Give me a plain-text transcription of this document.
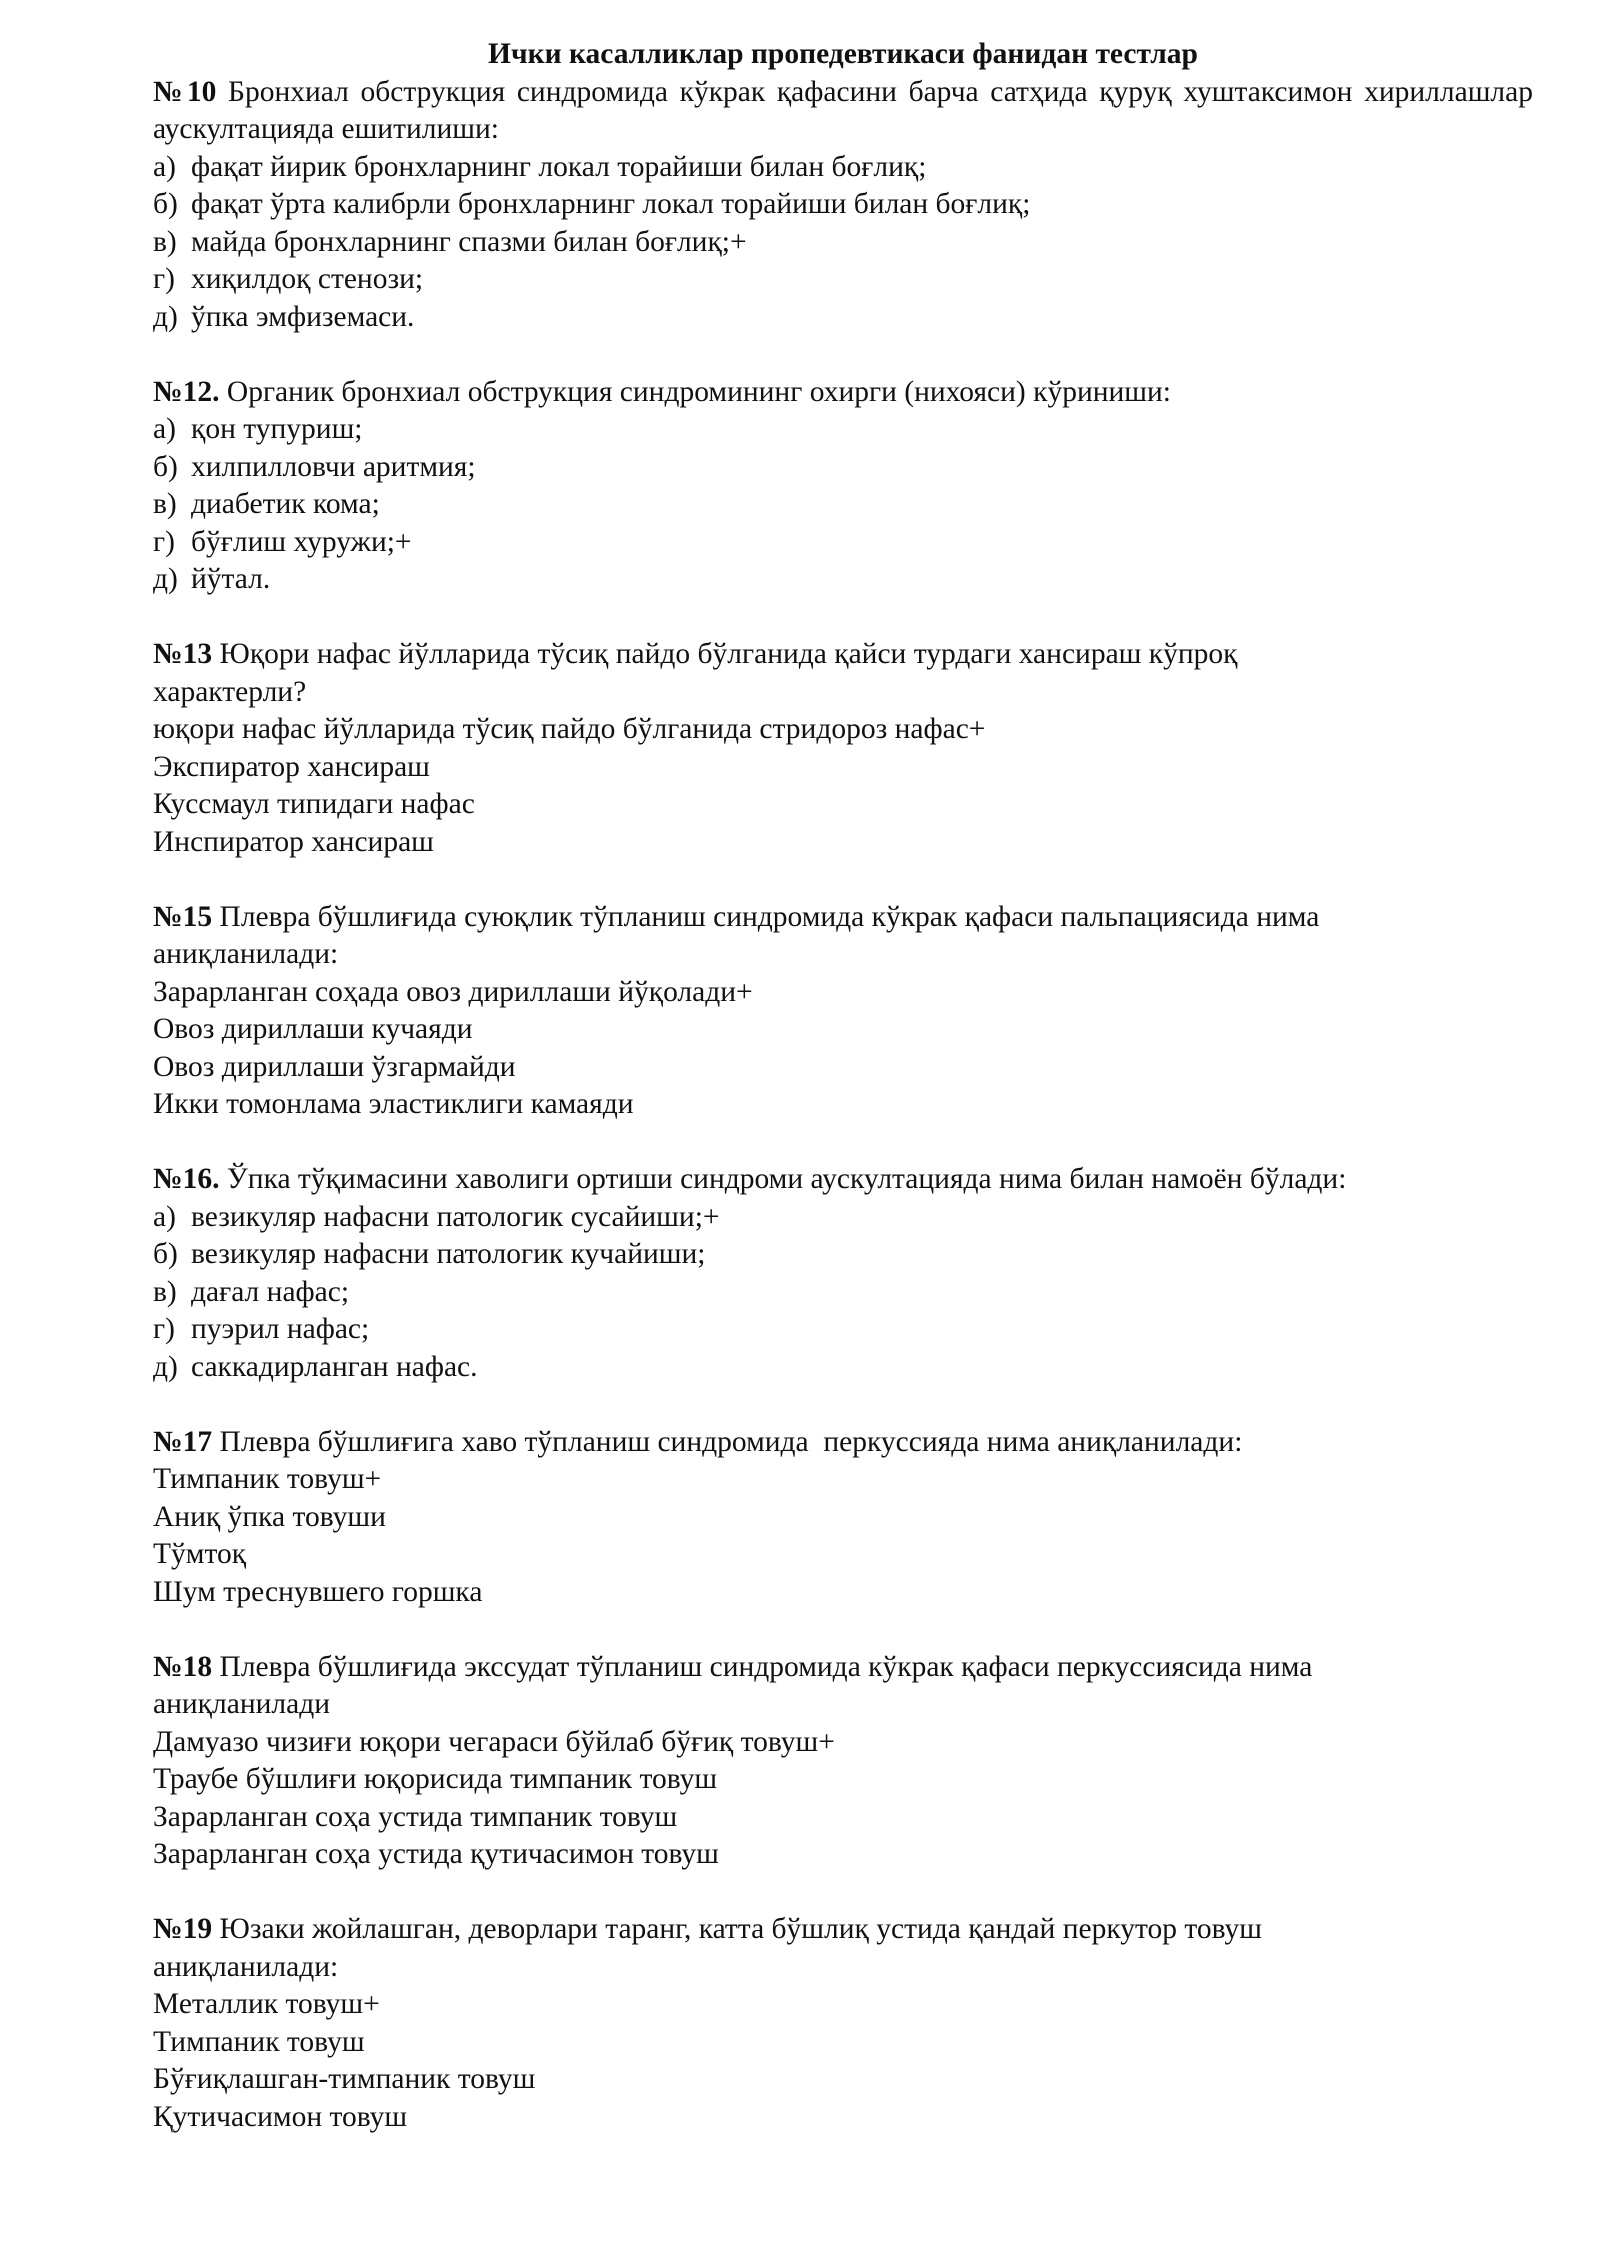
Ички касалликлар пропедевтикаси фанидан тестлар
№10 Бронхиал обструкция синдромида кўкрак қафасини барча сатҳида қуруқ хуштаксимон хириллашлар аускултацияда ешитилиши:
а) фақат йирик бронхларнинг локал торайиши билан боғлиқ;
б) фақат ўрта калибрли бронхларнинг локал торайиши билан боғлиқ;
в) майда бронхларнинг спазми билан боғлиқ;+
г) хиқилдоқ стенози;
д) ўпка эмфиземаси.
№12. Органик бронхиал обструкция синдромининг охирги (нихояси) кўриниши:
а) қон тупуриш;
б) хилпилловчи аритмия;
в) диабетик кома;
г) бўғлиш хуружи;+
д) йўтал.
№13 Юқори нафас йўлларида тўсиқ пайдо бўлганида қайси турдаги хансираш кўпроқ характерли?
юқори нафас йўлларида тўсиқ пайдо бўлганида стридороз нафас+
Экспиратор хансираш
Куссмаул типидаги нафас
Инспиратор хансираш
№15 Плевра бўшлиғида суюқлик тўпланиш синдромида кўкрак қафаси пальпациясида нима аниқланилади:
Зарарланган соҳада овоз дириллаши йўқолади+
Овоз дириллаши кучаяди
Овоз дириллаши ўзгармайди
Икки томонлама эластиклиги камаяди
№16. Ўпка тўқимасини хаволиги ортиши синдроми аускултацияда нима билан намоён бўлади:
а) везикуляр нафасни патологик сусайиши;+
б) везикуляр нафасни патологик кучайиши;
в) дағал нафас;
г) пуэрил нафас;
д) саккадирланган нафас.
№17 Плевра бўшлиғига хаво тўпланиш синдромида  перкуссияда нима аниқланилади:
Тимпаник товуш+
Аниқ ўпка товуши
Тўмтоқ
Шум треснувшего горшка
№18 Плевра бўшлиғида экссудат тўпланиш синдромида кўкрак қафаси перкуссиясида нима аниқланилади
Дамуазо чизиғи юқори чегараси бўйлаб бўғиқ товуш+
Траубе бўшлиғи юқорисида тимпаник товуш
Зарарланган соҳа устида тимпаник товуш
Зарарланган соҳа устида қутичасимон товуш
№19 Юзаки жойлашган, деворлари таранг, катта бўшлиқ устида қандай перкутор товуш аниқланилади:
Металлик товуш+
Тимпаник товуш
Бўғиқлашган-тимпаник товуш
Қутичасимон товуш
